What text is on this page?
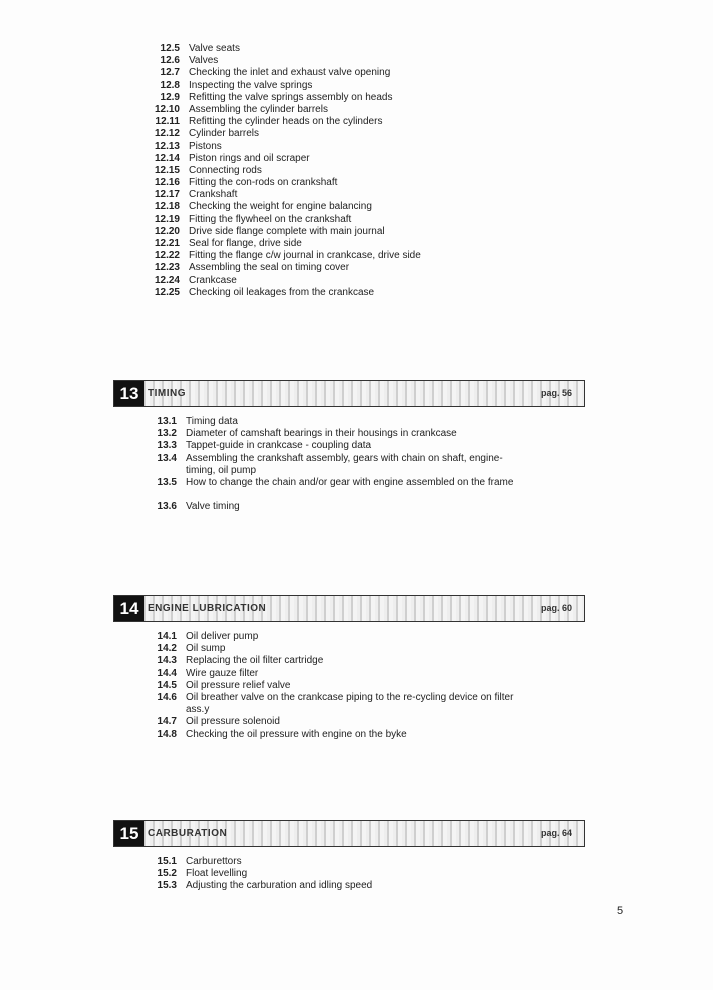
12.5 Valve seats
12.6 Valves
12.7 Checking the inlet and exhaust valve opening
12.8 Inspecting the valve springs
12.9 Refitting the valve springs assembly on heads
12.10 Assembling the cylinder barrels
12.11 Refitting the cylinder heads on the cylinders
12.12 Cylinder barrels
12.13 Pistons
12.14 Piston rings and oil scraper
12.15 Connecting rods
12.16 Fitting the con-rods on crankshaft
12.17 Crankshaft
12.18 Checking the weight for engine balancing
12.19 Fitting the flywheel on the crankshaft
12.20 Drive side flange complete with main journal
12.21 Seal for flange, drive side
12.22 Fitting the flange c/w journal in crankcase, drive side
12.23 Assembling the seal on timing cover
12.24 Crankcase
12.25 Checking oil leakages from the crankcase
13 TIMING	pag. 56
13.1 Timing data
13.2 Diameter of camshaft bearings in their housings in crankcase
13.3 Tappet-guide in crankcase - coupling data
13.4 Assembling the crankshaft assembly, gears with chain on shaft, engine-timing, oil pump
13.5 How to change the chain and/or gear with engine assembled on the frame
13.6 Valve timing
14 ENGINE LUBRICATION	pag. 60
14.1 Oil deliver pump
14.2 Oil sump
14.3 Replacing the oil filter cartridge
14.4 Wire gauze filter
14.5 Oil pressure relief valve
14.6 Oil breather valve on the crankcase piping to the re-cycling device on filter ass.y
14.7 Oil pressure solenoid
14.8 Checking the oil pressure with engine on the byke
15 CARBURATION	pag. 64
15.1 Carburettors
15.2 Float levelling
15.3 Adjusting the carburation and idling speed
5
